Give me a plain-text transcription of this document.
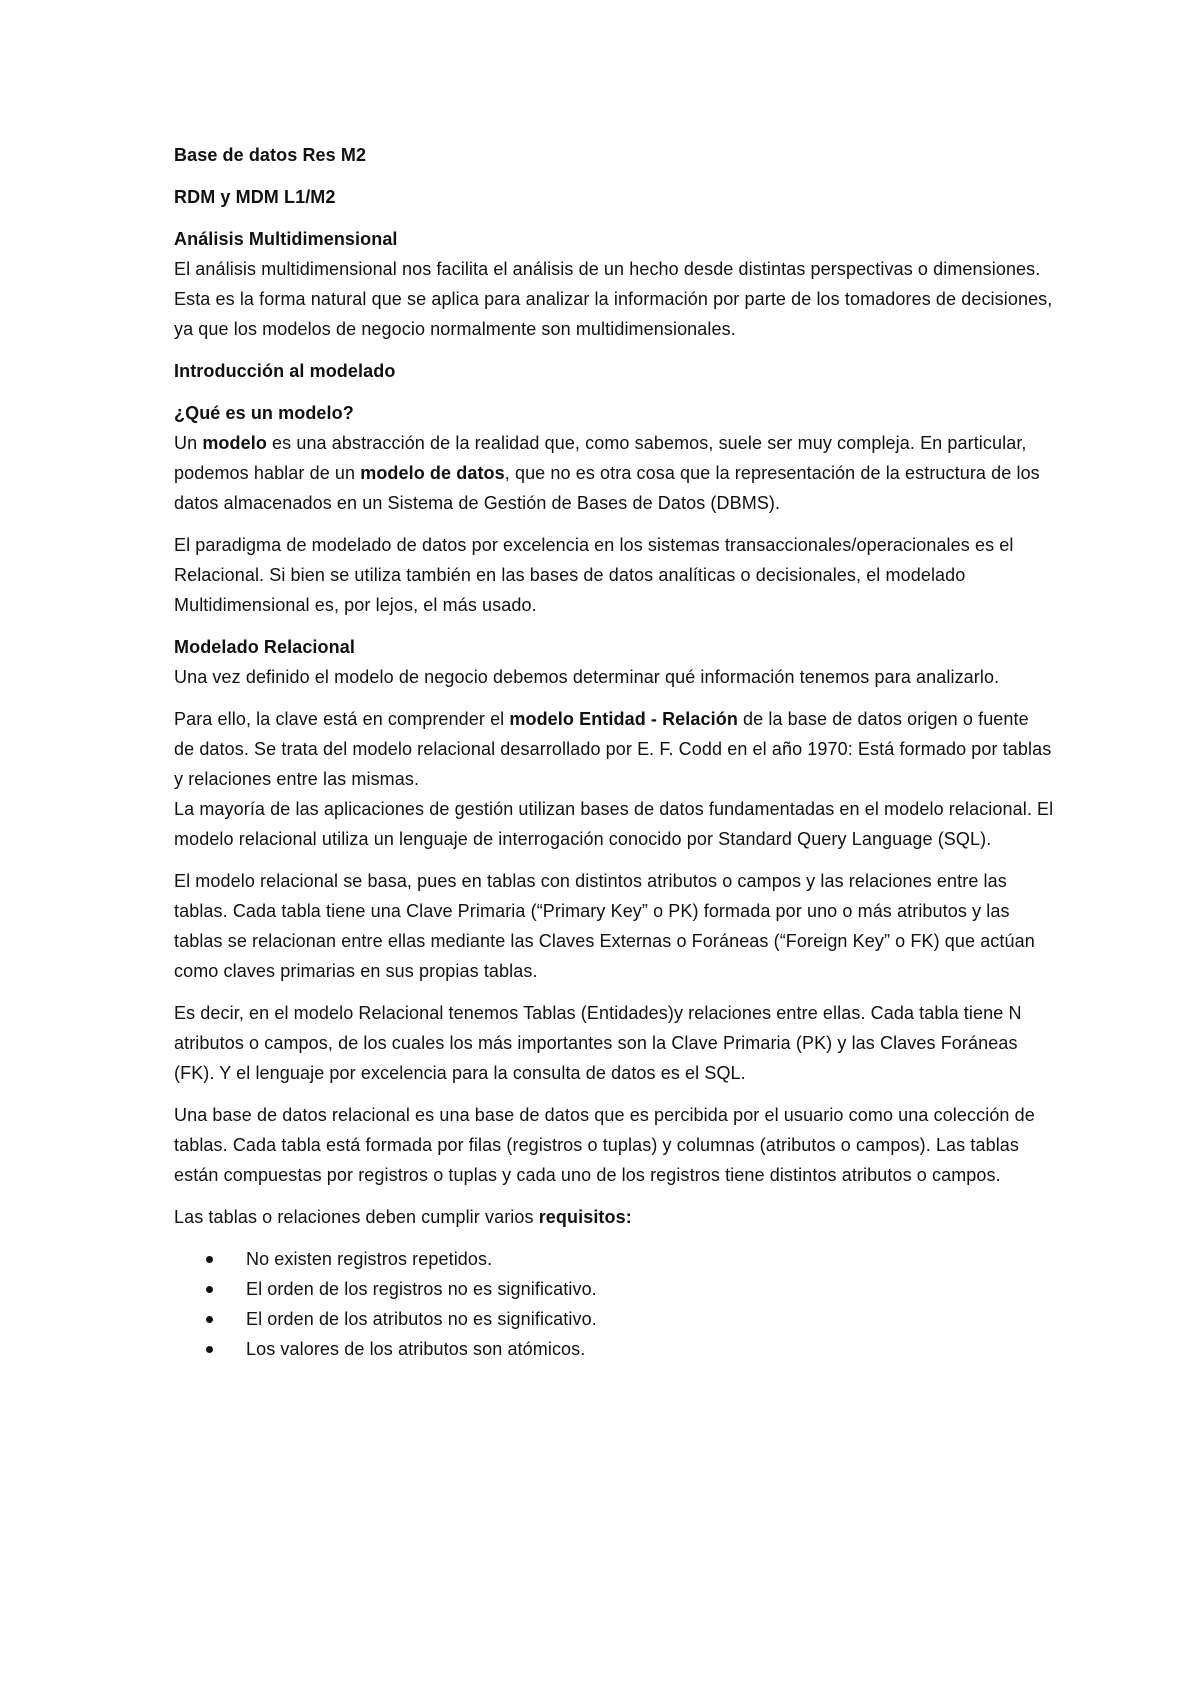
Base de datos Res M2

RDM y MDM L1/M2

Análisis Multidimensional
El análisis multidimensional nos facilita el análisis de un hecho desde distintas perspectivas o dimensiones. Esta es la forma natural que se aplica para analizar la información por parte de los tomadores de decisiones, ya que los modelos de negocio normalmente son multidimensionales.

Introducción al modelado

¿Qué es un modelo?
Un modelo es una abstracción de la realidad que, como sabemos, suele ser muy compleja. En particular, podemos hablar de un modelo de datos, que no es otra cosa que la representación de la estructura de los datos almacenados en un Sistema de Gestión de Bases de Datos (DBMS).

El paradigma de modelado de datos por excelencia en los sistemas transaccionales/operacionales es el Relacional. Si bien se utiliza también en las bases de datos analíticas o decisionales, el modelado Multidimensional es, por lejos, el más usado.

Modelado Relacional
Una vez definido el modelo de negocio debemos determinar qué información tenemos para analizarlo.

Para ello, la clave está en comprender el modelo Entidad - Relación de la base de datos origen o fuente de datos. Se trata del modelo relacional desarrollado por E. F. Codd en el año 1970: Está formado por tablas y relaciones entre las mismas.
La mayoría de las aplicaciones de gestión utilizan bases de datos fundamentadas en el modelo relacional. El modelo relacional utiliza un lenguaje de interrogación conocido por Standard Query Language (SQL).

El modelo relacional se basa, pues en tablas con distintos atributos o campos y las relaciones entre las tablas. Cada tabla tiene una Clave Primaria (“Primary Key” o PK) formada por uno o más atributos y las tablas se relacionan entre ellas mediante las Claves Externas o Foráneas (“Foreign Key” o FK) que actúan como claves primarias en sus propias tablas.

Es decir, en el modelo Relacional tenemos Tablas (Entidades)y relaciones entre ellas. Cada tabla tiene N atributos o campos, de los cuales los más importantes son la Clave Primaria (PK) y las Claves Foráneas (FK). Y el lenguaje por excelencia para la consulta de datos es el SQL.

Una base de datos relacional es una base de datos que es percibida por el usuario como una colección de tablas. Cada tabla está formada por filas (registros o tuplas) y columnas (atributos o campos). Las tablas están compuestas por registros o tuplas y cada uno de los registros tiene distintos atributos o campos.

Las tablas o relaciones deben cumplir varios requisitos:

No existen registros repetidos.
El orden de los registros no es significativo.
El orden de los atributos no es significativo.
Los valores de los atributos son atómicos.
